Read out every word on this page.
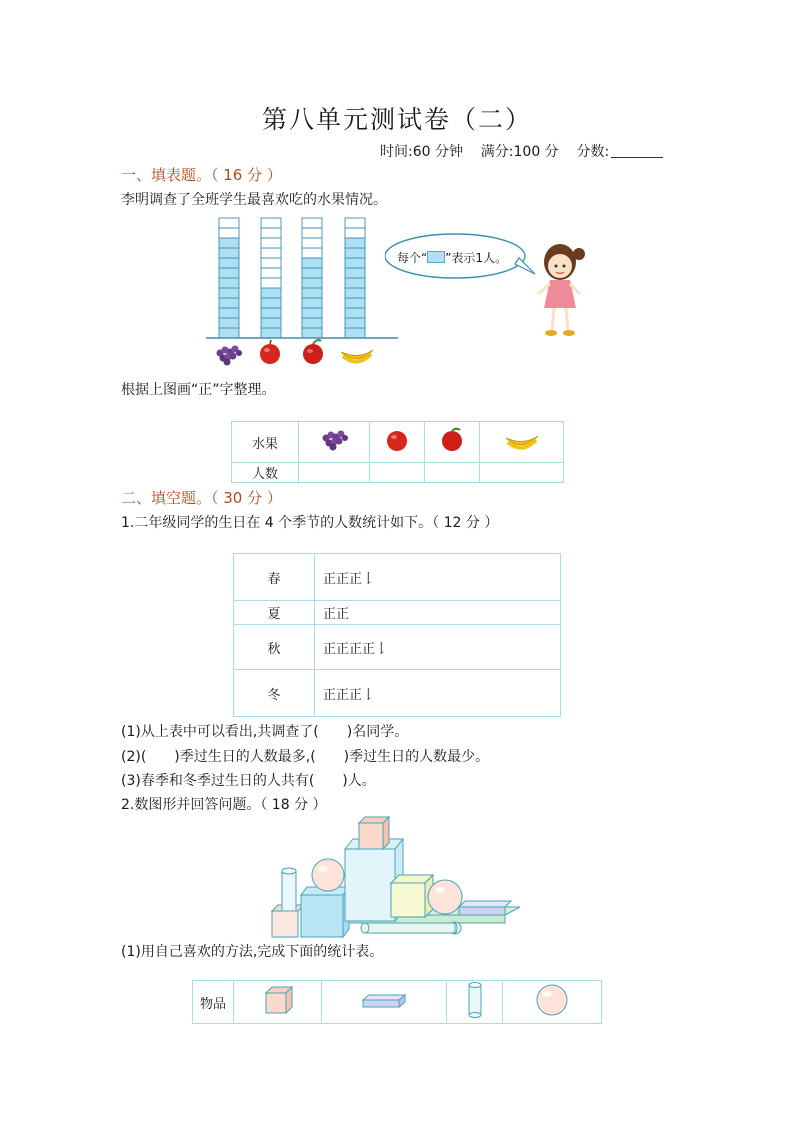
第八单元测试卷（二）
时间:60 分钟 满分:100 分 分数:
一、填表题。（ 16 分 ）
李明调查了全班学生最喜欢吃的水果情况。
每个“ ”表示1人。
根据上图画“正”字整理。
水果				
人数				
二、填空题。（ 30 分 ）
1.二年级同学的生日在 4 个季节的人数统计如下。（ 12 分 ）
春	正正正𠄌
夏	正正
秋	正正正正𠄌
冬	正正正𠄌
(1)从上表中可以看出,共调查了(　　)名同学。
(2)(　　)季过生日的人数最多,(　　)季过生日的人数最少。
(3)春季和冬季过生日的人共有(　　)人。
2.数图形并回答问题。（ 18 分 ）
(1)用自己喜欢的方法,完成下面的统计表。
物品				
